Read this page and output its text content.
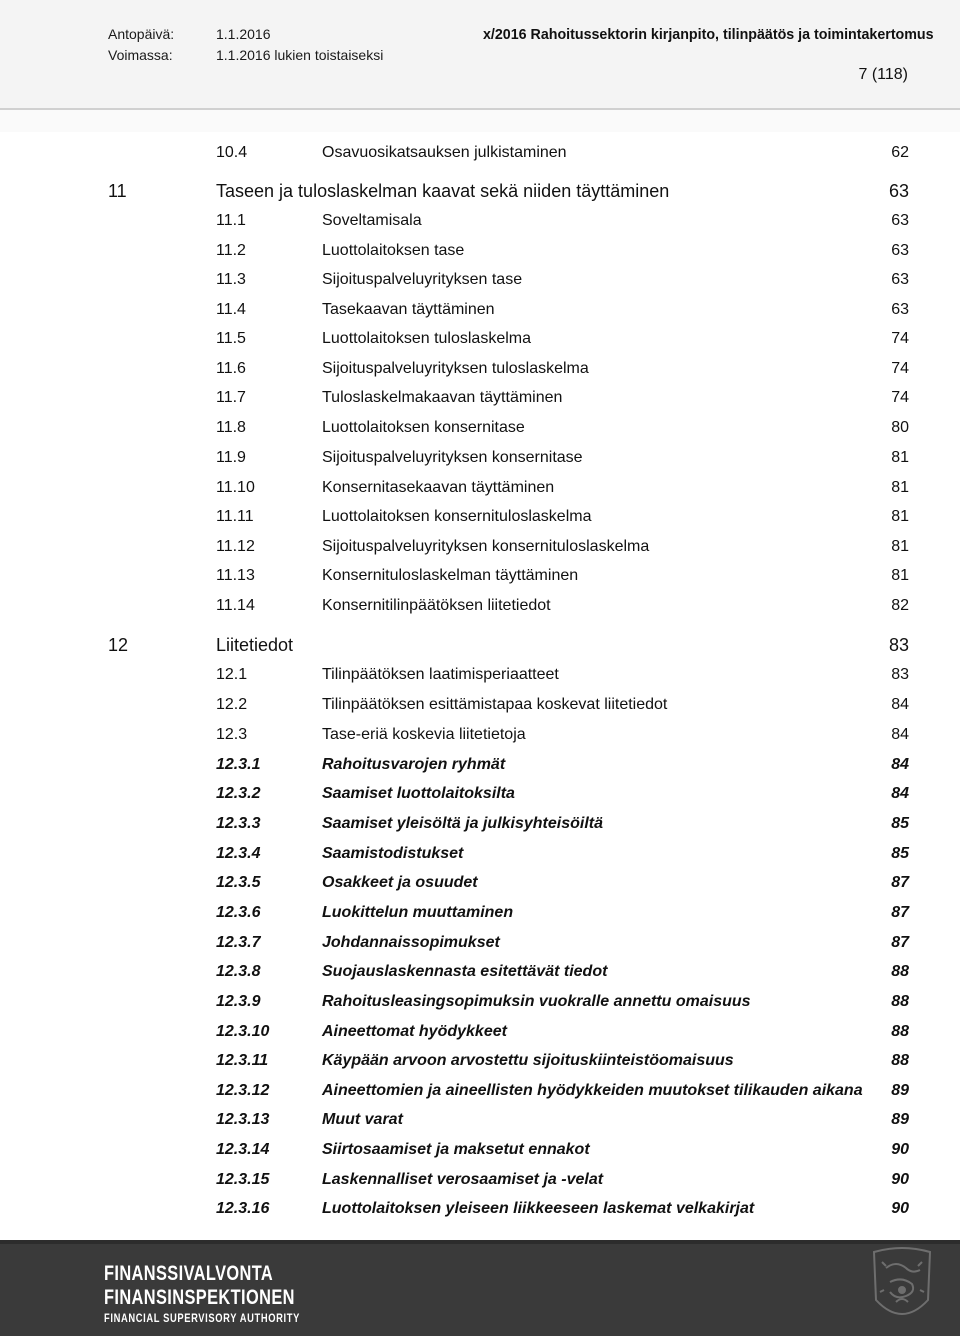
Antopäivä:	1.1.2016
Voimassa:	1.1.2016 lukien toistaiseksi
x/2016 Rahoitussektorin kirjanpito, tilinpäätös ja toimintakertomus
7 (118)
10.4	Osavuosikatsauksen julkistaminen	62
11	Taseen ja tuloslaskelman kaavat sekä niiden täyttäminen	63
11.1	Soveltamisala	63
11.2	Luottolaitoksen tase	63
11.3	Sijoituspalveluyrityksen tase	63
11.4	Tasekaavan täyttäminen	63
11.5	Luottolaitoksen tuloslaskelma	74
11.6	Sijoituspalveluyrityksen tuloslaskelma	74
11.7	Tuloslaskelmakaavan täyttäminen	74
11.8	Luottolaitoksen konsernitase	80
11.9	Sijoituspalveluyrityksen konsernitase	81
11.10	Konsernitasekaavan täyttäminen	81
11.11	Luottolaitoksen konsernituloslaskelma	81
11.12	Sijoituspalveluyrityksen konsernituloslaskelma	81
11.13	Konsernituloslaskelman täyttäminen	81
11.14	Konsernitilinpäätöksen liitetiedot	82
12	Liitetiedot	83
12.1	Tilinpäätöksen laatimisperiaatteet	83
12.2	Tilinpäätöksen esittämistapaa koskevat liitetiedot	84
12.3	Tase-eriä koskevia liitetietoja	84
12.3.1	Rahoitusvarojen ryhmät	84
12.3.2	Saamiset luottolaitoksilta	84
12.3.3	Saamiset yleisöltä ja julkisyhteisöiltä	85
12.3.4	Saamistodistukset	85
12.3.5	Osakkeet ja osuudet	87
12.3.6	Luokittelun muuttaminen	87
12.3.7	Johdannaissopimukset	87
12.3.8	Suojauslaskennasta esitettävät tiedot	88
12.3.9	Rahoitusleasingsopimuksin vuokralle annettu omaisuus	88
12.3.10	Aineettomat hyödykkeet	88
12.3.11	Käypään arvoon arvostettu sijoituskiinteistöomaisuus	88
12.3.12	Aineettomien ja aineellisten hyödykkeiden muutokset tilikauden aikana 89
12.3.13	Muut varat	89
12.3.14	Siirtosaamiset ja maksetut ennakot	90
12.3.15	Laskennalliset verosaamiset ja -velat	90
12.3.16	Luottolaitoksen yleiseen liikkeeseen laskemat velkakirjat	90
FINANSSIVALVONTA
FINANSINSPEKTIONEN
FINANCIAL SUPERVISORY AUTHORITY
